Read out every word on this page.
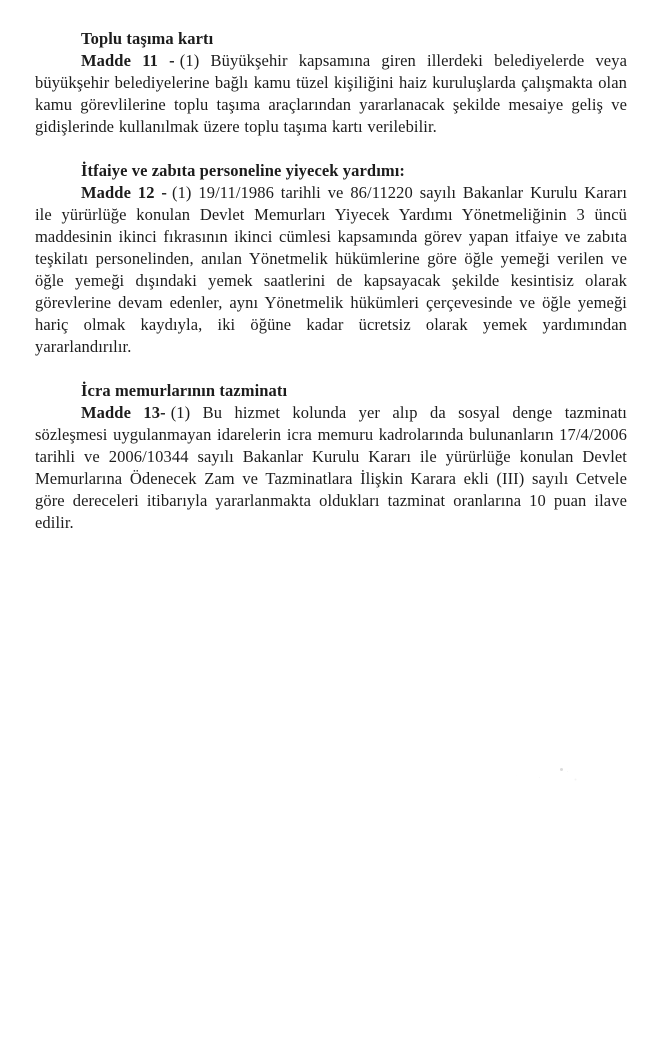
Toplu taşıma kartı

Madde 11 - (1) Büyükşehir kapsamına giren illerdeki belediyelerde veya büyükşehir belediyelerine bağlı kamu tüzel kişiliğini haiz kuruluşlarda çalışmakta olan kamu görevlilerine toplu taşıma araçlarından yararlanacak şekilde mesaiye geliş ve gidişlerinde kullanılmak üzere toplu taşıma kartı verilebilir.

İtfaiye ve zabıta personeline yiyecek yardımı:

Madde 12 - (1) 19/11/1986 tarihli ve 86/11220 sayılı Bakanlar Kurulu Kararı ile yürürlüğe konulan Devlet Memurları Yiyecek Yardımı Yönetmeliğinin 3 üncü maddesinin ikinci fıkrasının ikinci cümlesi kapsamında görev yapan itfaiye ve zabıta teşkilatı personelinden, anılan Yönetmelik hükümlerine göre öğle yemeği verilen ve öğle yemeği dışındaki yemek saatlerini de kapsayacak şekilde kesintisiz olarak görevlerine devam edenler, aynı Yönetmelik hükümleri çerçevesinde ve öğle yemeği hariç olmak kaydıyla, iki öğüne kadar ücretsiz olarak yemek yardımından yararlandırılır.

İcra memurlarının tazminatı

Madde 13- (1) Bu hizmet kolunda yer alıp da sosyal denge tazminatı sözleşmesi uygulanmayan idarelerin icra memuru kadrolarında bulunanların 17/4/2006 tarihli ve 2006/10344 sayılı Bakanlar Kurulu Kararı ile yürürlüğe konulan Devlet Memurlarına Ödenecek Zam ve Tazminatlara İlişkin Karara ekli (III) sayılı Cetvele göre dereceleri itibarıyla yararlanmakta oldukları tazminat oranlarına 10 puan ilave edilir.
